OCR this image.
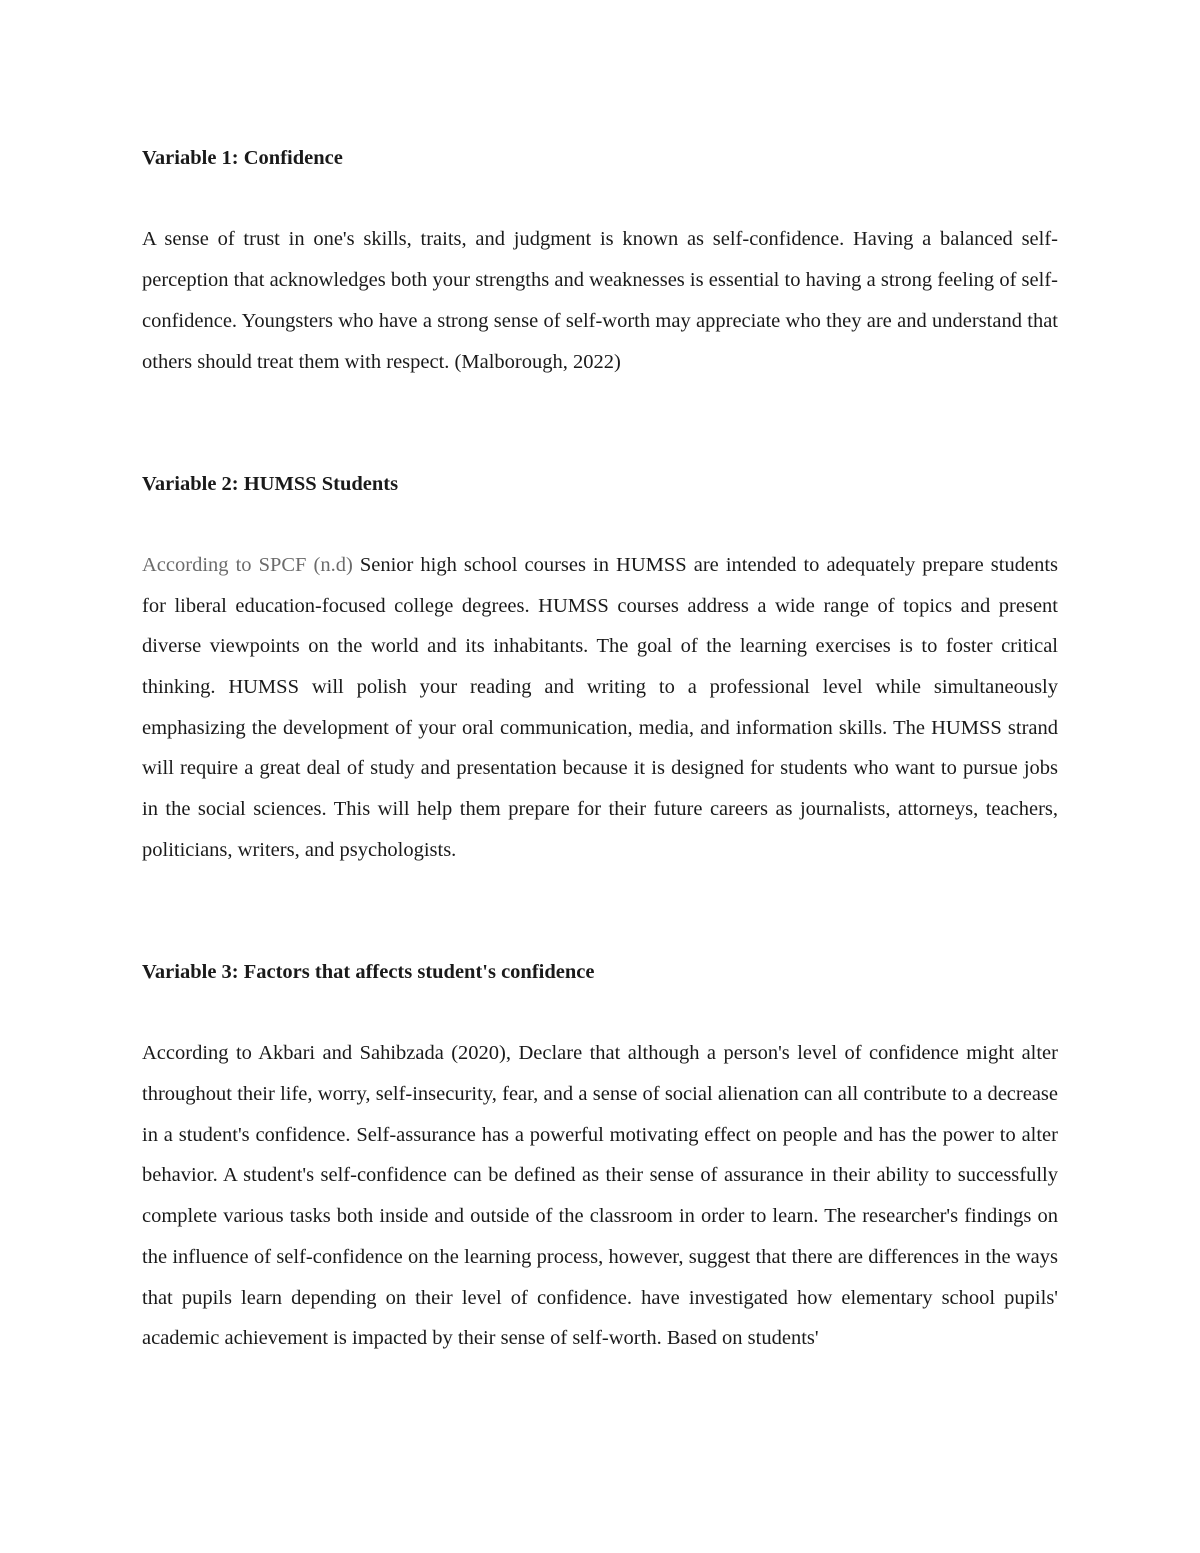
Variable 1: Confidence

A sense of trust in one's skills, traits, and judgment is known as self-confidence. Having a balanced self-perception that acknowledges both your strengths and weaknesses is essential to having a strong feeling of self-confidence. Youngsters who have a strong sense of self-worth may appreciate who they are and understand that others should treat them with respect. (Malborough, 2022)

Variable 2: HUMSS Students

According to SPCF (n.d) Senior high school courses in HUMSS are intended to adequately prepare students for liberal education-focused college degrees. HUMSS courses address a wide range of topics and present diverse viewpoints on the world and its inhabitants. The goal of the learning exercises is to foster critical thinking. HUMSS will polish your reading and writing to a professional level while simultaneously emphasizing the development of your oral communication, media, and information skills. The HUMSS strand will require a great deal of study and presentation because it is designed for students who want to pursue jobs in the social sciences. This will help them prepare for their future careers as journalists, attorneys, teachers, politicians, writers, and psychologists.

Variable 3: Factors that affects student's confidence

According to Akbari and Sahibzada (2020), Declare that although a person's level of confidence might alter throughout their life, worry, self-insecurity, fear, and a sense of social alienation can all contribute to a decrease in a student's confidence. Self-assurance has a powerful motivating effect on people and has the power to alter behavior. A student's self-confidence can be defined as their sense of assurance in their ability to successfully complete various tasks both inside and outside of the classroom in order to learn. The researcher's findings on the influence of self-confidence on the learning process, however, suggest that there are differences in the ways that pupils learn depending on their level of confidence. have investigated how elementary school pupils' academic achievement is impacted by their sense of self-worth. Based on students'
